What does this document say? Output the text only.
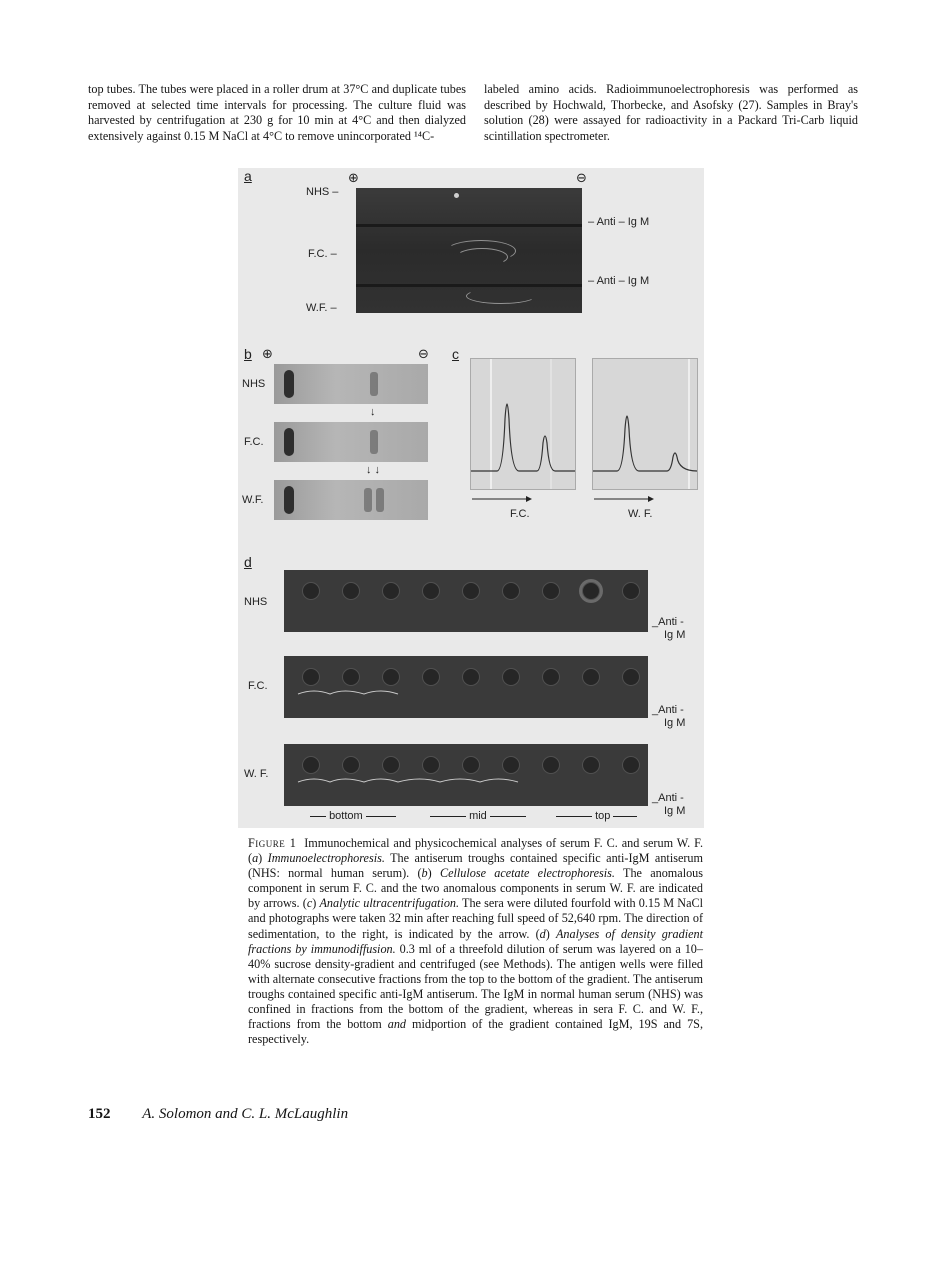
top tubes. The tubes were placed in a roller drum at 37°C and duplicate tubes removed at selected time intervals for processing. The culture fluid was harvested by centrifugation at 230 g for 10 min at 4°C and then dialyzed extensively against 0.15 M NaCl at 4°C to remove unincorporated ¹⁴C-

labeled amino acids. Radioimmunoelectrophoresis was performed as described by Hochwald, Thorbecke, and Asofsky (27). Samples in Bray's solution (28) were assayed for radioactivity in a Packard Tri-Carb liquid scintillation spectrometer.

a	⊕	⊖
NHS –
F.C. –
W.F. –
– Anti – Ig M
– Anti – Ig M
b ⊕	⊖
NHS
F.C.
W.F.
↓
↓ ↓
c
F.C.	W. F.
d
NHS
F.C.
W. F.
_Anti -
Ig M
_Anti -
Ig M
_Anti -
Ig M
bottom	mid	top
Figure 1 Immunochemical and physicochemical analyses of serum F. C. and serum W. F. (a) Immunoelectrophoresis. The antiserum troughs contained specific anti-IgM antiserum (NHS: normal human serum). (b) Cellulose acetate electrophoresis. The anomalous component in serum F. C. and the two anomalous components in serum W. F. are indicated by arrows. (c) Analytic ultracentrifugation. The sera were diluted fourfold with 0.15 M NaCl and photographs were taken 32 min after reaching full speed of 52,640 rpm. The direction of sedimentation, to the right, is indicated by the arrow. (d) Analyses of density gradient fractions by immunodiffusion. 0.3 ml of a threefold dilution of serum was layered on a 10–40% sucrose density-gradient and centrifuged (see Methods). The antigen wells were filled with alternate consecutive fractions from the top to the bottom of the gradient. The antiserum troughs contained specific anti-IgM antiserum. The IgM in normal human serum (NHS) was confined in fractions from the bottom of the gradient, whereas in sera F. C. and W. F., fractions from the bottom and midportion of the gradient contained IgM, 19S and 7S, respectively.
152 A. Solomon and C. L. McLaughlin
